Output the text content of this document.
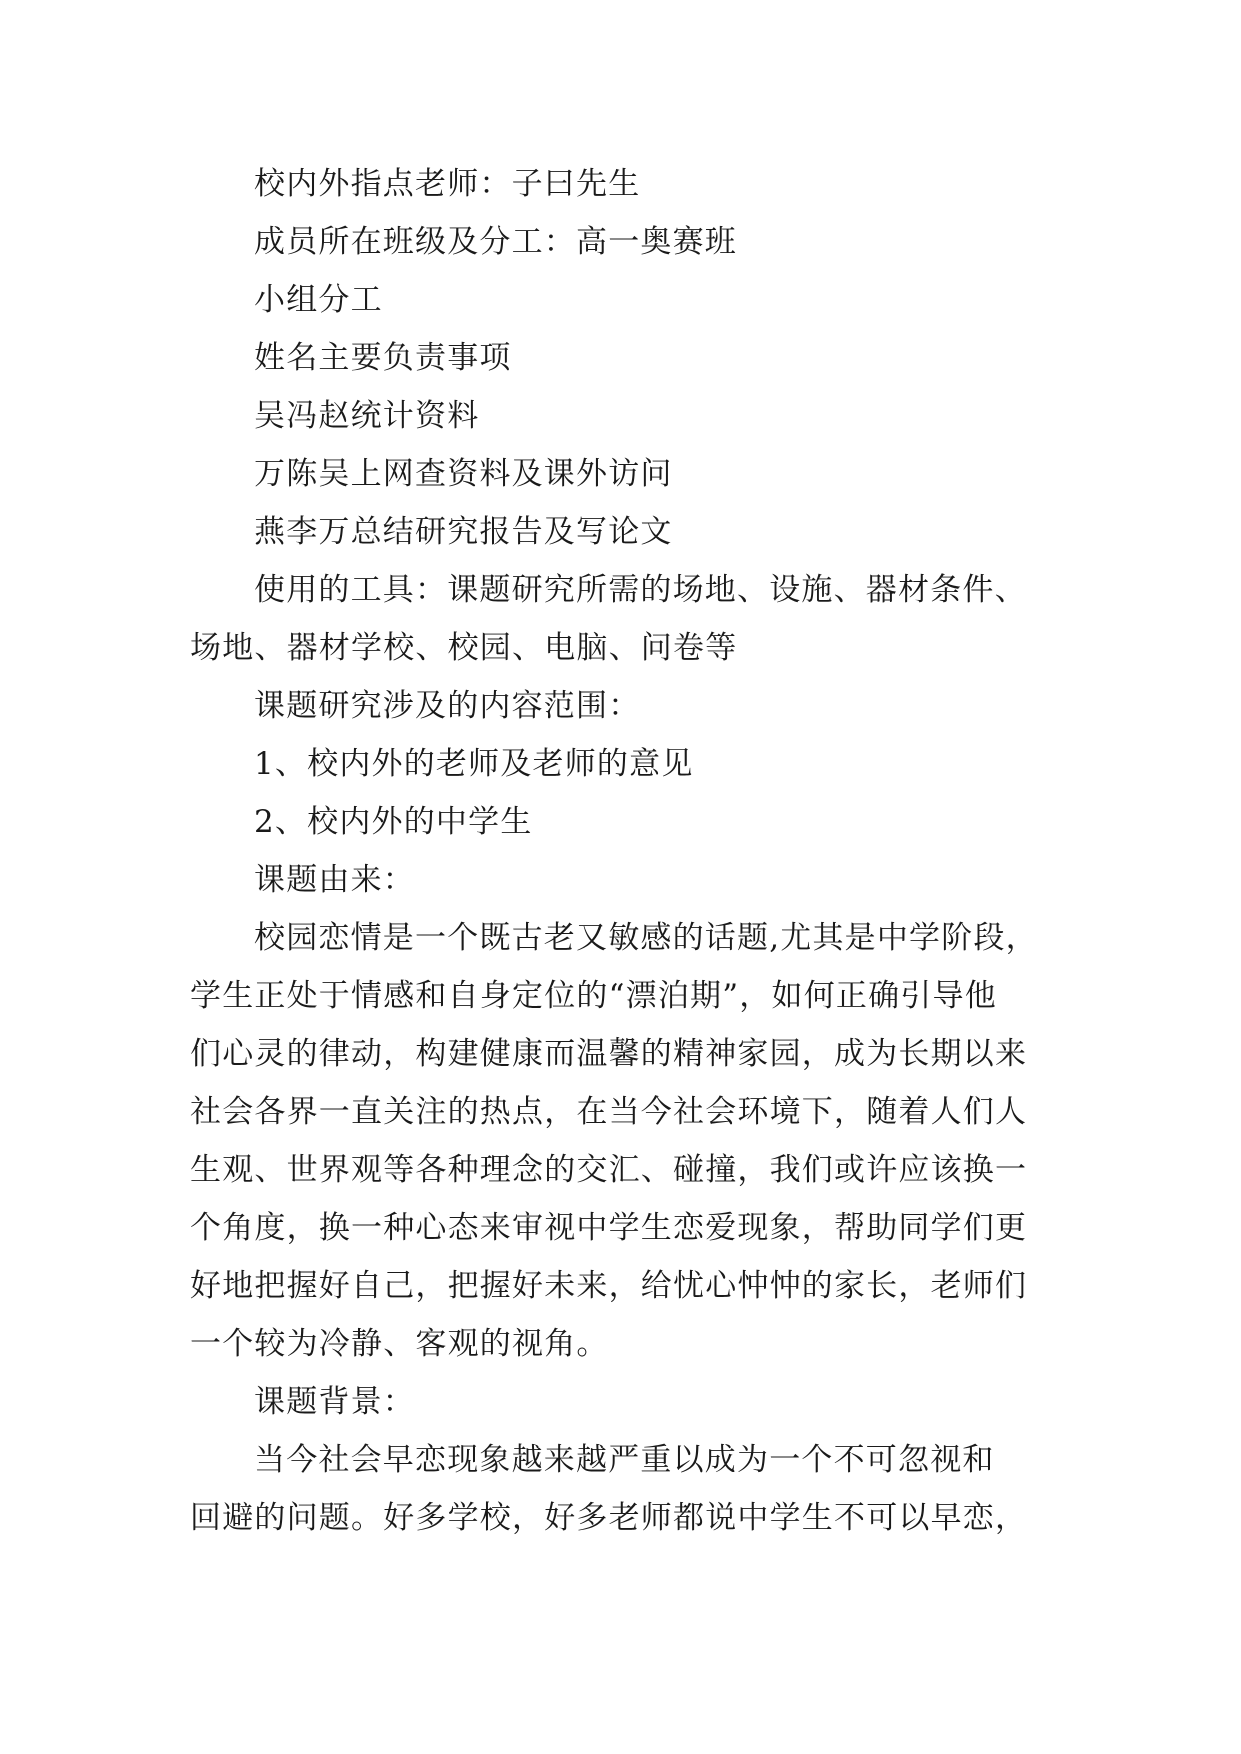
校内外指点老师：子曰先生
成员所在班级及分工：高一奥赛班
小组分工
姓名主要负责事项
吴冯赵统计资料
万陈吴上网查资料及课外访问
燕李万总结研究报告及写论文
使用的工具：课题研究所需的场地、设施、器材条件、
场地、器材学校、校园、电脑、问卷等
课题研究涉及的内容范围：
1、校内外的老师及老师的意见
2、校内外的中学生
课题由来：
校园恋情是一个既古老又敏感的话题,尤其是中学阶段，
学生正处于情感和自身定位的“漂泊期”，如何正确引导他
们心灵的律动，构建健康而温馨的精神家园，成为长期以来
社会各界一直关注的热点，在当今社会环境下，随着人们人
生观、世界观等各种理念的交汇、碰撞，我们或许应该换一
个角度，换一种心态来审视中学生恋爱现象，帮助同学们更
好地把握好自己，把握好未来，给忧心忡忡的家长，老师们
一个较为冷静、客观的视角。
课题背景：
当今社会早恋现象越来越严重以成为一个不可忽视和
回避的问题。好多学校，好多老师都说中学生不可以早恋，
